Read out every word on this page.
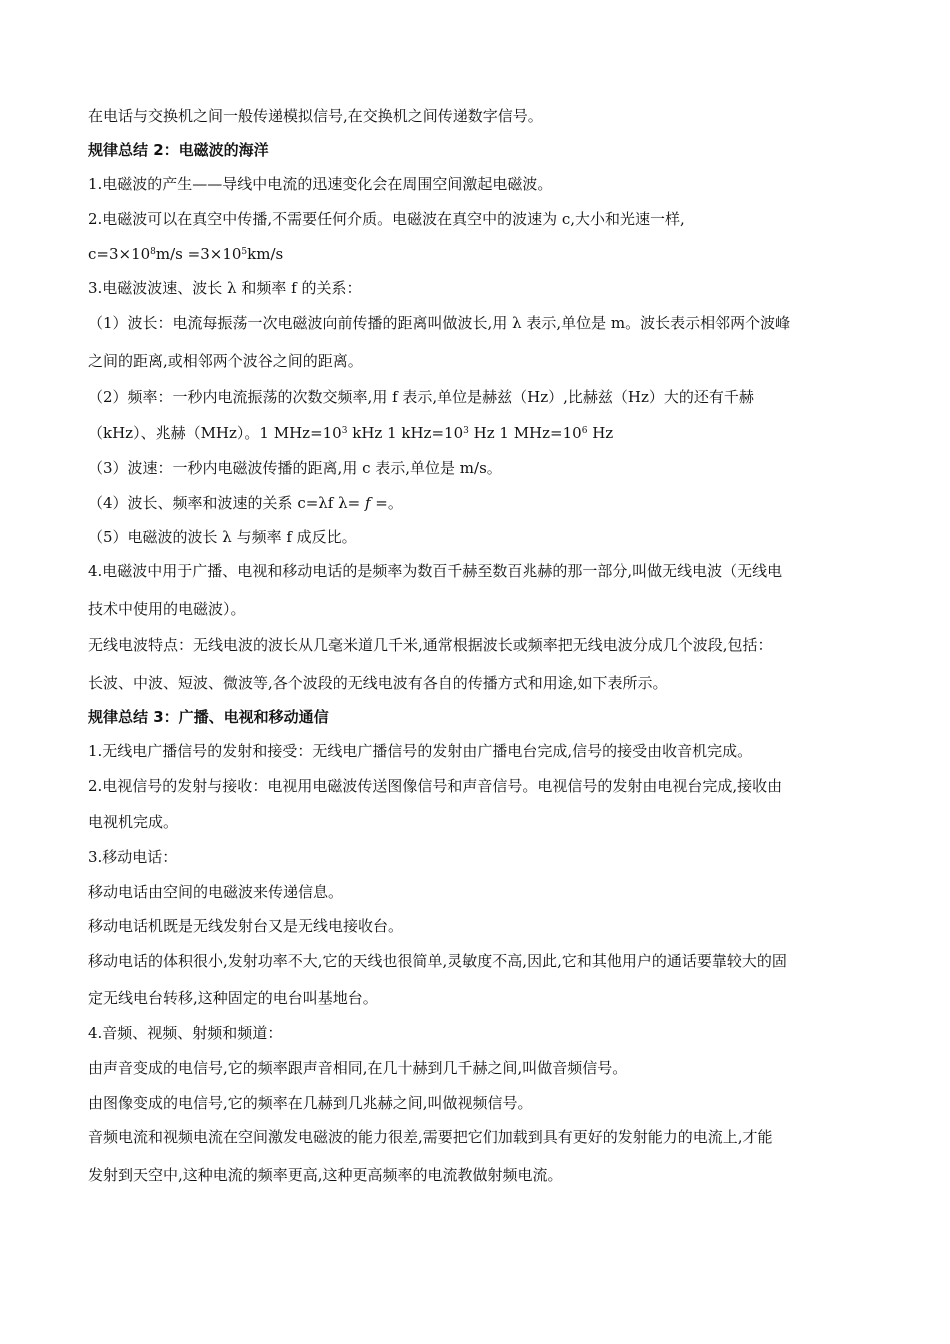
在电话与交换机之间一般传递模拟信号,在交换机之间传递数字信号。
规律总结 2：电磁波的海洋
1.电磁波的产生——导线中电流的迅速变化会在周围空间激起电磁波。
2.电磁波可以在真空中传播,不需要任何介质。电磁波在真空中的波速为 c,大小和光速一样,
$c=3\times 10^8m/s =3\times 10^5km/s$
3.电磁波波速、波长 λ 和频率 f 的关系：
（1）波长：电流每振荡一次电磁波向前传播的距离叫做波长,用 λ 表示,单位是 m。波长表示相邻两个波峰
之间的距离,或相邻两个波谷之间的距离。
（2）频率：一秒内电流振荡的次数交频率,用 f 表示,单位是赫兹（Hz）,比赫兹（Hz）大的还有千赫
（kHz）、兆赫（MHz）。1 $MHz=10^3$ kHz 1 $kHz=10^3$ Hz 1 $MHz=10^6$ Hz
（3）波速：一秒内电磁波传播的距离,用 c 表示,单位是 m/s。
（4）波长、频率和波速的关系 c=λf λ= f =。
（5）电磁波的波长 λ 与频率 f 成反比。
4.电磁波中用于广播、电视和移动电话的是频率为数百千赫至数百兆赫的那一部分,叫做无线电波（无线电
技术中使用的电磁波）。
无线电波特点：无线电波的波长从几毫米道几千米,通常根据波长或频率把无线电波分成几个波段,包括：
长波、中波、短波、微波等,各个波段的无线电波有各自的传播方式和用途,如下表所示。
规律总结 3：广播、电视和移动通信
1.无线电广播信号的发射和接受：无线电广播信号的发射由广播电台完成,信号的接受由收音机完成。
2.电视信号的发射与接收：电视用电磁波传送图像信号和声音信号。电视信号的发射由电视台完成,接收由
电视机完成。
3.移动电话：
移动电话由空间的电磁波来传递信息。
移动电话机既是无线发射台又是无线电接收台。
移动电话的体积很小,发射功率不大,它的天线也很简单,灵敏度不高,因此,它和其他用户的通话要靠较大的固
定无线电台转移,这种固定的电台叫基地台。
4.音频、视频、射频和频道：
由声音变成的电信号,它的频率跟声音相同,在几十赫到几千赫之间,叫做音频信号。
由图像变成的电信号,它的频率在几赫到几兆赫之间,叫做视频信号。
音频电流和视频电流在空间激发电磁波的能力很差,需要把它们加载到具有更好的发射能力的电流上,才能
发射到天空中,这种电流的频率更高,这种更高频率的电流教做射频电流。
